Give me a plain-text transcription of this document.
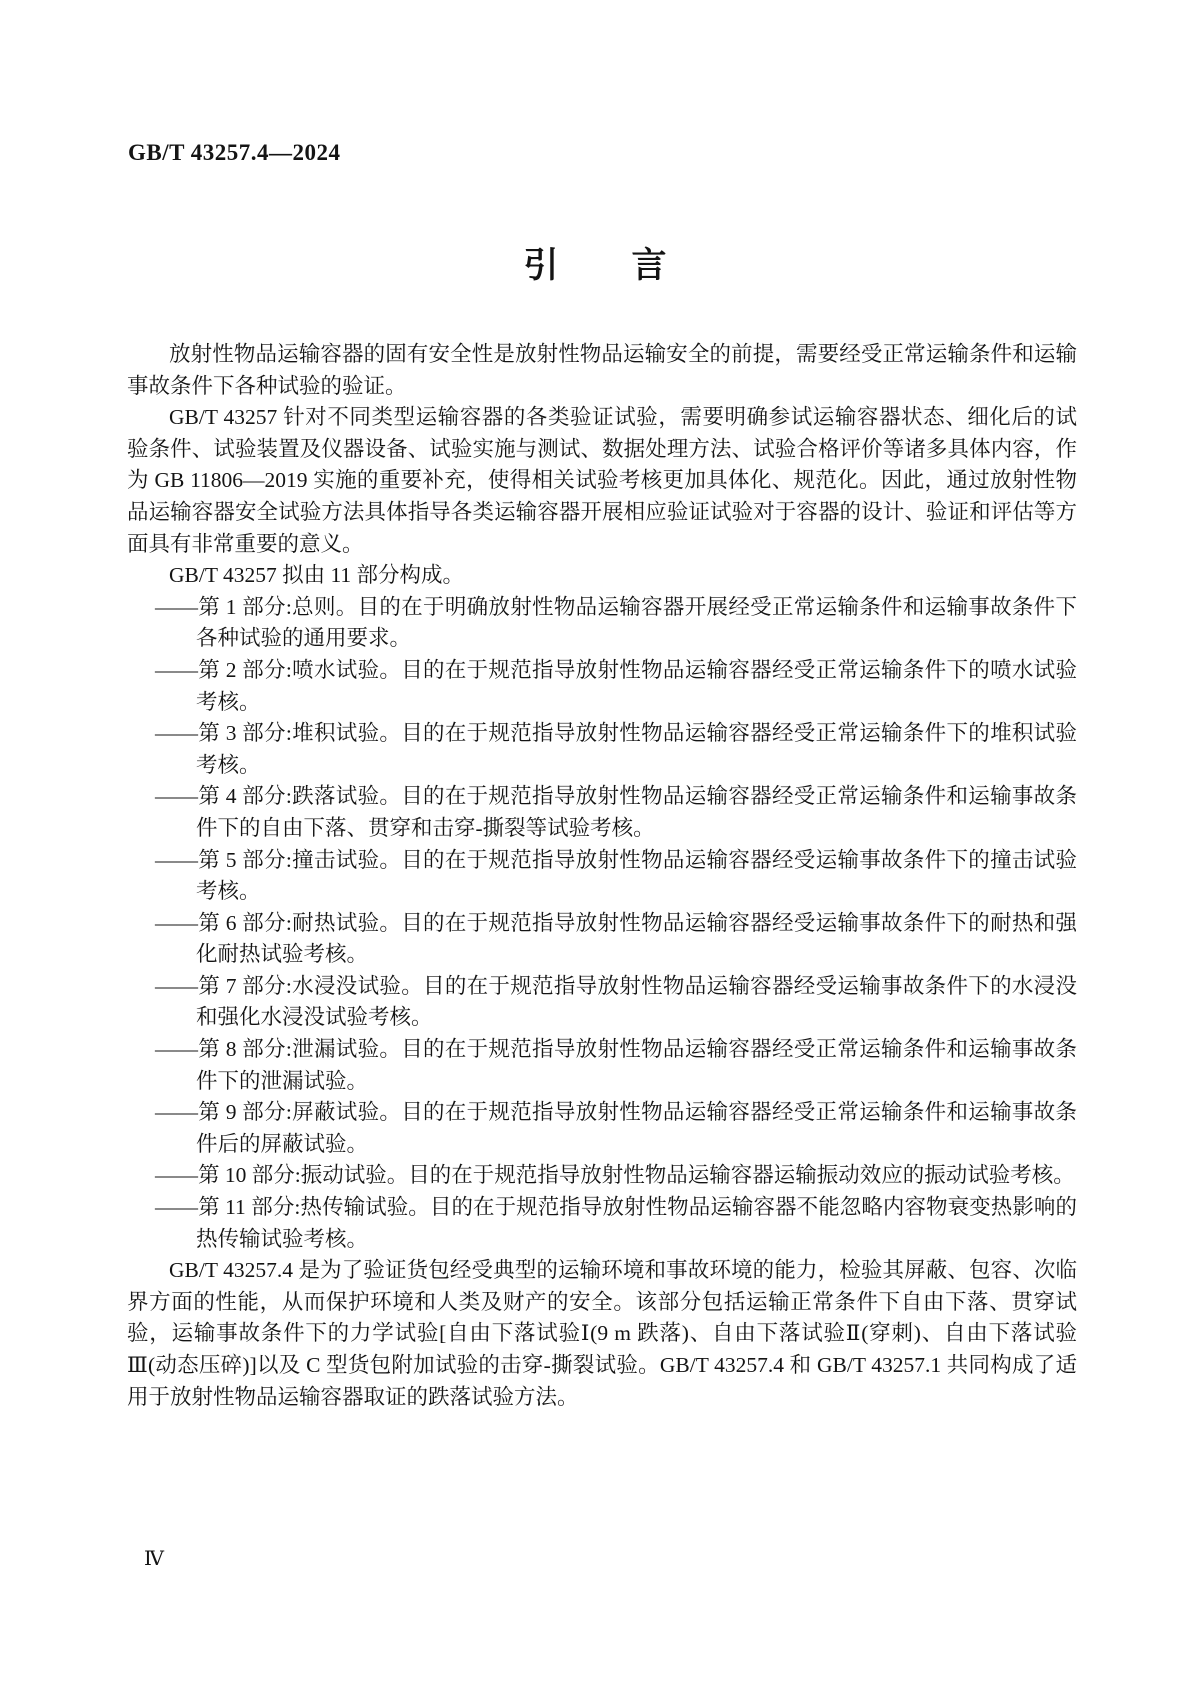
GB/T 43257.4—2024
引　　言

放射性物品运输容器的固有安全性是放射性物品运输安全的前提，需要经受正常运输条件和运输事故条件下各种试验的验证。

GB/T 43257 针对不同类型运输容器的各类验证试验，需要明确参试运输容器状态、细化后的试验条件、试验装置及仪器设备、试验实施与测试、数据处理方法、试验合格评价等诸多具体内容，作为 GB 11806—2019 实施的重要补充，使得相关试验考核更加具体化、规范化。因此，通过放射性物品运输容器安全试验方法具体指导各类运输容器开展相应验证试验对于容器的设计、验证和评估等方面具有非常重要的意义。

GB/T 43257 拟由 11 部分构成。

——第 1 部分:总则。目的在于明确放射性物品运输容器开展经受正常运输条件和运输事故条件下各种试验的通用要求。

——第 2 部分:喷水试验。目的在于规范指导放射性物品运输容器经受正常运输条件下的喷水试验考核。

——第 3 部分:堆积试验。目的在于规范指导放射性物品运输容器经受正常运输条件下的堆积试验考核。

——第 4 部分:跌落试验。目的在于规范指导放射性物品运输容器经受正常运输条件和运输事故条件下的自由下落、贯穿和击穿-撕裂等试验考核。

——第 5 部分:撞击试验。目的在于规范指导放射性物品运输容器经受运输事故条件下的撞击试验考核。

——第 6 部分:耐热试验。目的在于规范指导放射性物品运输容器经受运输事故条件下的耐热和强化耐热试验考核。

——第 7 部分:水浸没试验。目的在于规范指导放射性物品运输容器经受运输事故条件下的水浸没和强化水浸没试验考核。

——第 8 部分:泄漏试验。目的在于规范指导放射性物品运输容器经受正常运输条件和运输事故条件下的泄漏试验。

——第 9 部分:屏蔽试验。目的在于规范指导放射性物品运输容器经受正常运输条件和运输事故条件后的屏蔽试验。

——第 10 部分:振动试验。目的在于规范指导放射性物品运输容器运输振动效应的振动试验考核。

——第 11 部分:热传输试验。目的在于规范指导放射性物品运输容器不能忽略内容物衰变热影响的热传输试验考核。

GB/T 43257.4 是为了验证货包经受典型的运输环境和事故环境的能力，检验其屏蔽、包容、次临界方面的性能，从而保护环境和人类及财产的安全。该部分包括运输正常条件下自由下落、贯穿试验，运输事故条件下的力学试验[自由下落试验Ⅰ(9 m 跌落)、自由下落试验Ⅱ(穿刺)、自由下落试验Ⅲ(动态压碎)]以及 C 型货包附加试验的击穿-撕裂试验。GB/T 43257.4 和 GB/T 43257.1 共同构成了适用于放射性物品运输容器取证的跌落试验方法。

Ⅳ
